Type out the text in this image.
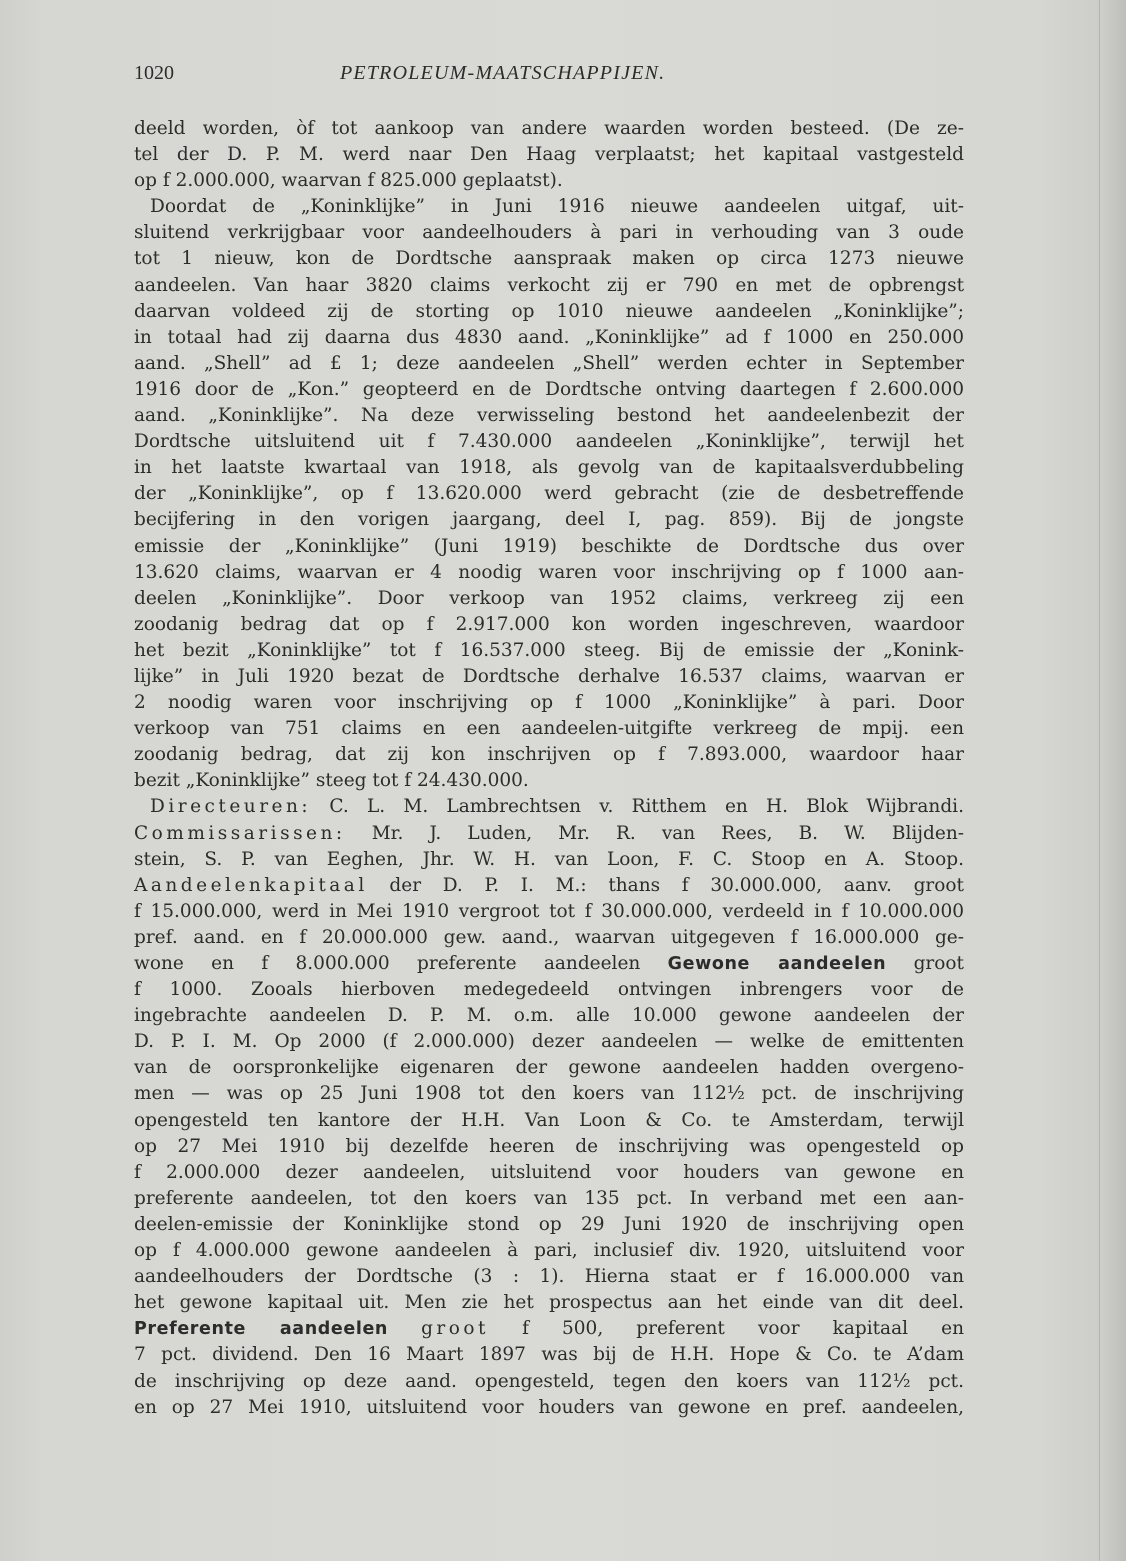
1020	PETROLEUM-MAATSCHAPPIJEN.
deeld worden, òf tot aankoop van andere waarden worden besteed. (De ze-
tel der D. P. M. werd naar Den Haag verplaatst; het kapitaal vastgesteld
op f 2.000.000, waarvan f 825.000 geplaatst).
Doordat de „Koninklijke” in Juni 1916 nieuwe aandeelen uitgaf, uit-
sluitend verkrijgbaar voor aandeelhouders à pari in verhouding van 3 oude
tot 1 nieuw, kon de Dordtsche aanspraak maken op circa 1273 nieuwe
aandeelen. Van haar 3820 claims verkocht zij er 790 en met de opbrengst
daarvan voldeed zij de storting op 1010 nieuwe aandeelen „Koninklijke”;
in totaal had zij daarna dus 4830 aand. „Koninklijke” ad f 1000 en 250.000
aand. „Shell” ad £ 1; deze aandeelen „Shell” werden echter in September
1916 door de „Kon.” geopteerd en de Dordtsche ontving daartegen f 2.600.000
aand. „Koninklijke”. Na deze verwisseling bestond het aandeelenbezit der
Dordtsche uitsluitend uit f 7.430.000 aandeelen „Koninklijke”, terwijl het
in het laatste kwartaal van 1918, als gevolg van de kapitaalsverdubbeling
der „Koninklijke”, op f 13.620.000 werd gebracht (zie de desbetreffende
becijfering in den vorigen jaargang, deel I, pag. 859). Bij de jongste
emissie der „Koninklijke” (Juni 1919) beschikte de Dordtsche dus over
13.620 claims, waarvan er 4 noodig waren voor inschrijving op f 1000 aan-
deelen „Koninklijke”. Door verkoop van 1952 claims, verkreeg zij een
zoodanig bedrag dat op f 2.917.000 kon worden ingeschreven, waardoor
het bezit „Koninklijke” tot f 16.537.000 steeg. Bij de emissie der „Konink-
lijke” in Juli 1920 bezat de Dordtsche derhalve 16.537 claims, waarvan er
2 noodig waren voor inschrijving op f 1000 „Koninklijke” à pari. Door
verkoop van 751 claims en een aandeelen-uitgifte verkreeg de mpij. een
zoodanig bedrag, dat zij kon inschrijven op f 7.893.000, waardoor haar
bezit „Koninklijke” steeg tot f 24.430.000.
Directeuren: C. L. M. Lambrechtsen v. Ritthem en H. Blok Wijbrandi.
Commissarissen: Mr. J. Luden, Mr. R. van Rees, B. W. Blijden-
stein, S. P. van Eeghen, Jhr. W. H. van Loon, F. C. Stoop en A. Stoop.
Aandeelenkapitaal der D. P. I. M.: thans f 30.000.000, aanv. groot
f 15.000.000, werd in Mei 1910 vergroot tot f 30.000.000, verdeeld in f 10.000.000
pref. aand. en f 20.000.000 gew. aand., waarvan uitgegeven f 16.000.000 ge-
wone en f 8.000.000 preferente aandeelen Gewone aandeelen groot
f 1000. Zooals hierboven medegedeeld ontvingen inbrengers voor de
ingebrachte aandeelen D. P. M. o.m. alle 10.000 gewone aandeelen der
D. P. I. M. Op 2000 (f 2.000.000) dezer aandeelen — welke de emittenten
van de oorspronkelijke eigenaren der gewone aandeelen hadden overgeno-
men — was op 25 Juni 1908 tot den koers van 112½ pct. de inschrijving
opengesteld ten kantore der H.H. Van Loon & Co. te Amsterdam, terwijl
op 27 Mei 1910 bij dezelfde heeren de inschrijving was opengesteld op
f 2.000.000 dezer aandeelen, uitsluitend voor houders van gewone en
preferente aandeelen, tot den koers van 135 pct. In verband met een aan-
deelen-emissie der Koninklijke stond op 29 Juni 1920 de inschrijving open
op f 4.000.000 gewone aandeelen à pari, inclusief div. 1920, uitsluitend voor
aandeelhouders der Dordtsche (3 : 1). Hierna staat er f 16.000.000 van
het gewone kapitaal uit. Men zie het prospectus aan het einde van dit deel.
Preferente aandeelen groot f 500, preferent voor kapitaal en
7 pct. dividend. Den 16 Maart 1897 was bij de H.H. Hope & Co. te A’dam
de inschrijving op deze aand. opengesteld, tegen den koers van 112½ pct.
en op 27 Mei 1910, uitsluitend voor houders van gewone en pref. aandeelen,
